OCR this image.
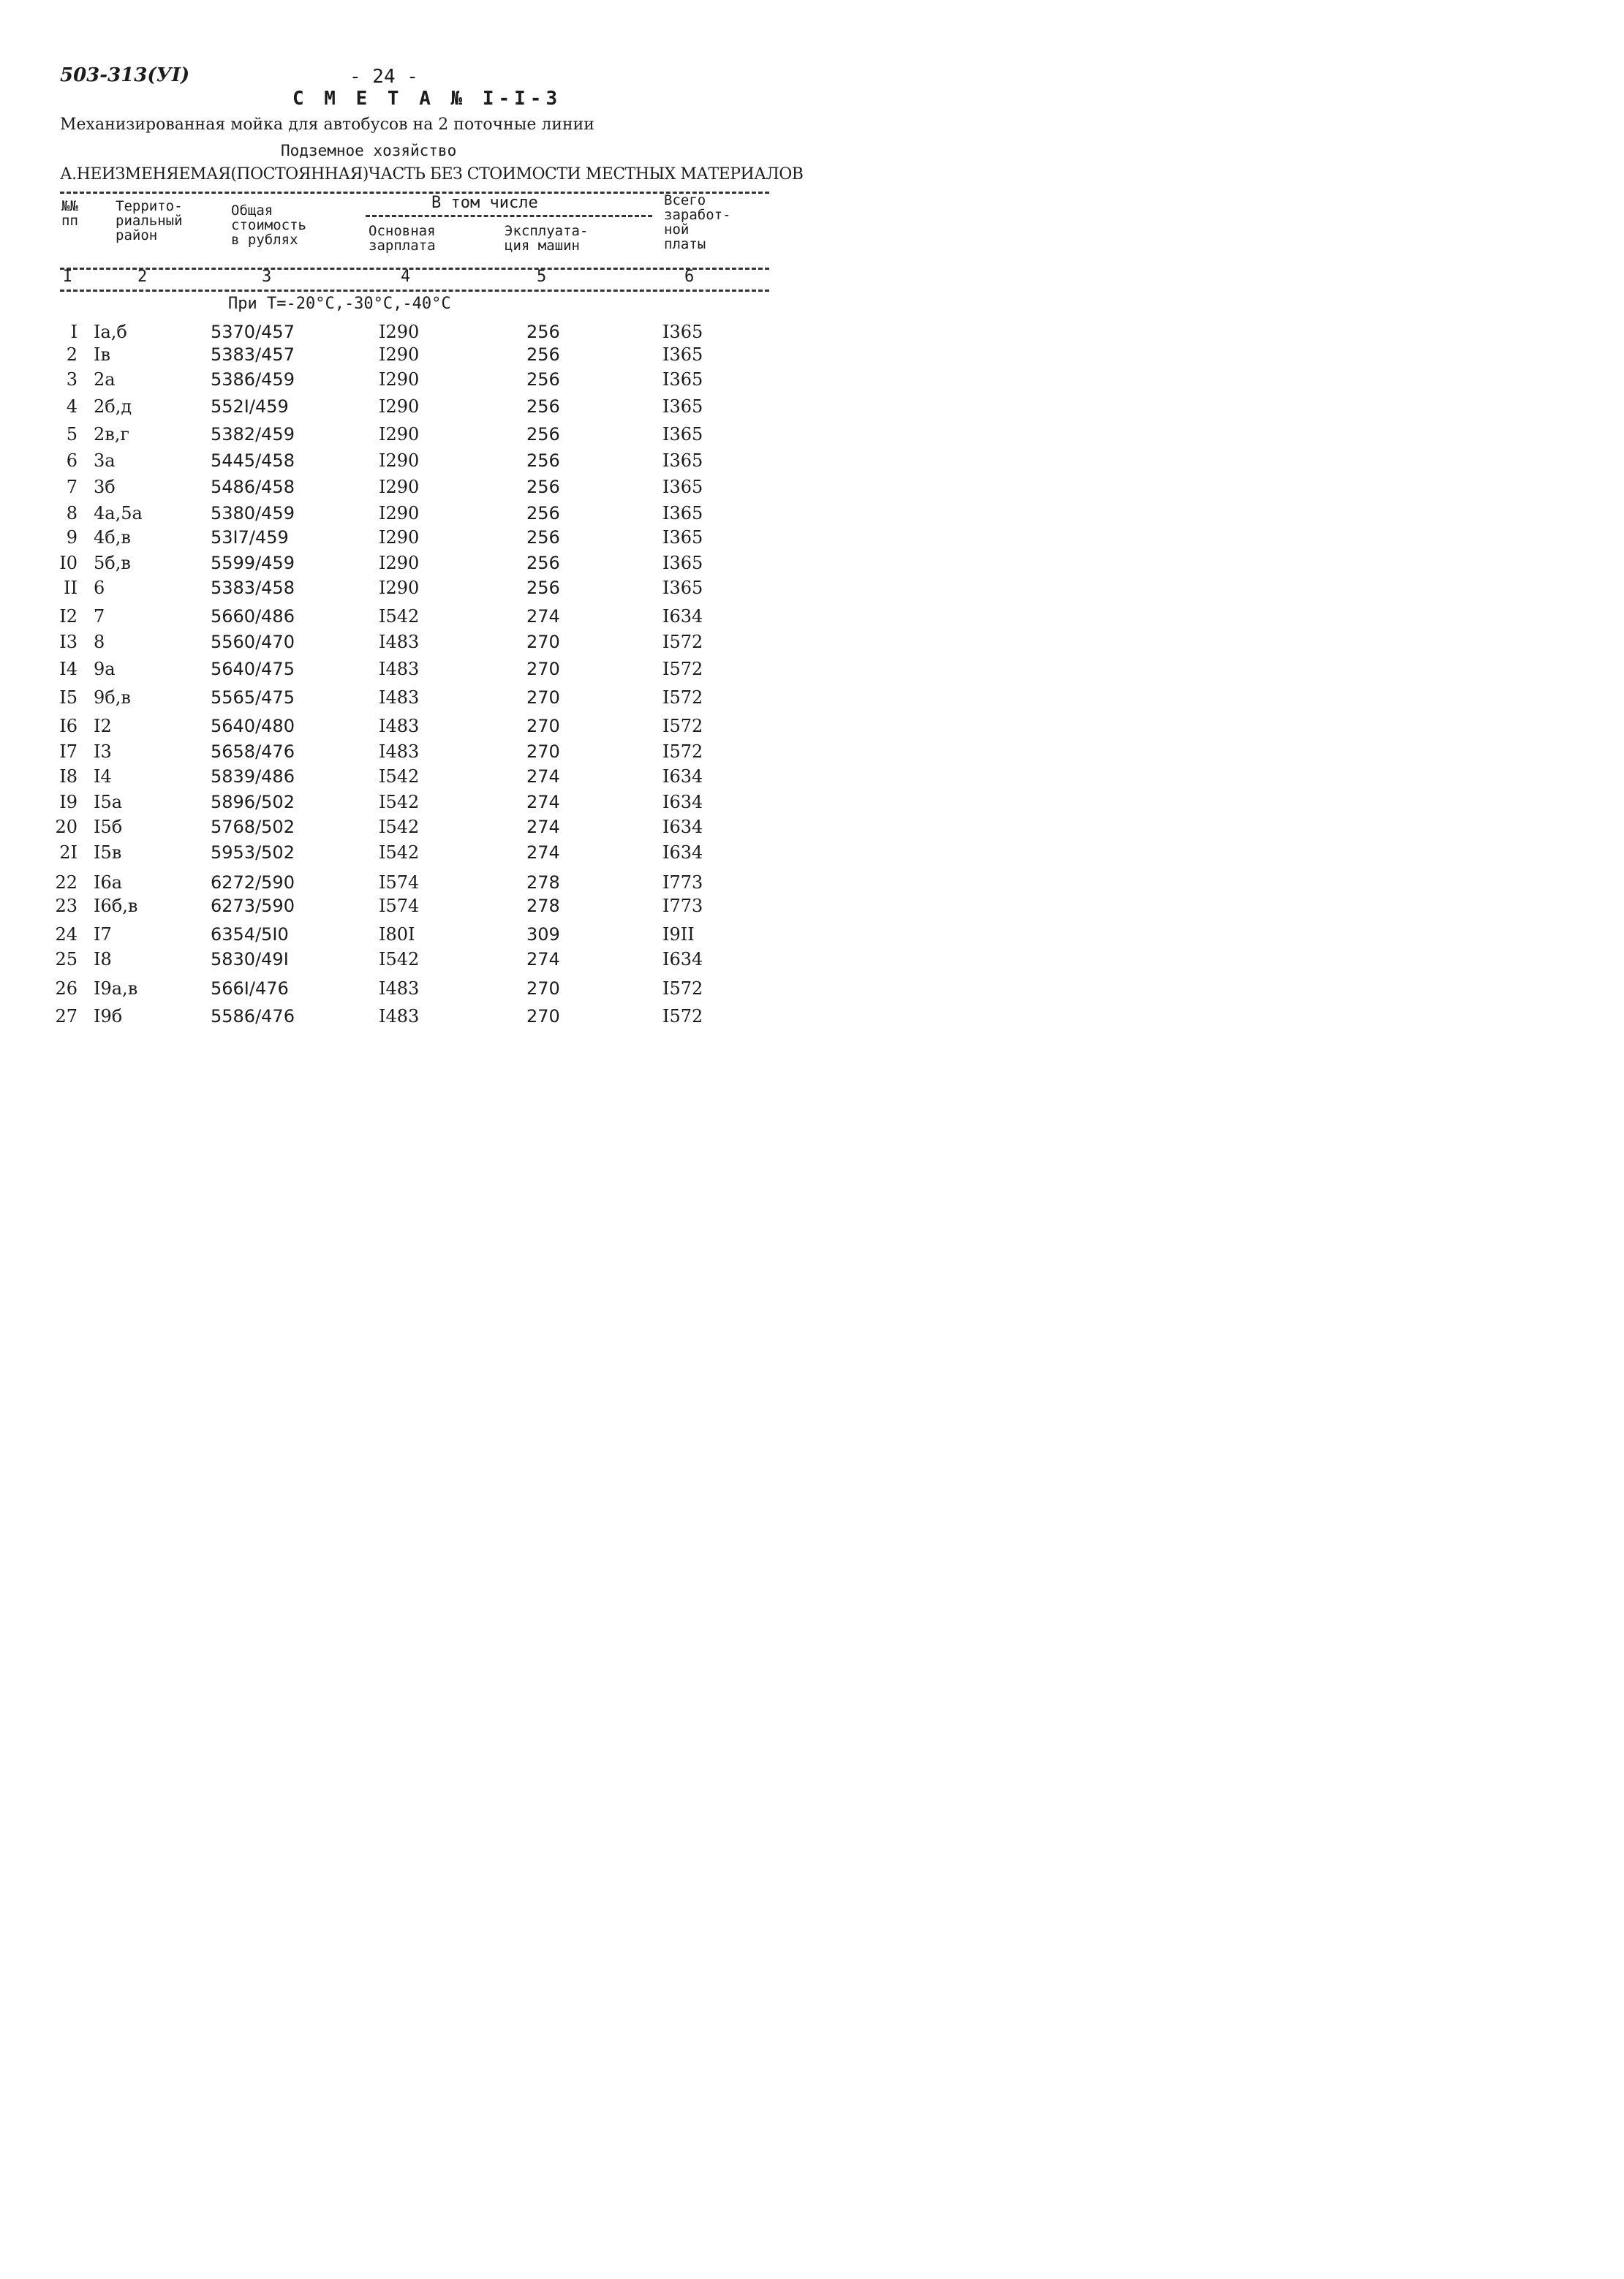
503-313(УI)	- 24 -
С М Е Т А № I-I-3
Механизированная мойка для автобусов на 2 поточные линии
Подземное хозяйство
А.НЕИЗМЕНЯЕМАЯ(ПОСТОЯННАЯ)ЧАСТЬ БЕЗ СТОИМОСТИ МЕСТНЫХ МАТЕРИАЛОВ
№№
пп
Террито-
риальный
район
Общая
стоимость
в рублях
В том числе
Основная
зарплата
Эксплуата-
ция машин
Всего
заработ-
ной
платы
I	2	3	4	5	6
При Т=-20°С,-30°С,-40°С
I Iа,б	5370/457	I290	256	I365
2 Iв	5383/457	I290	256	I365
3 2а	5386/459	I290	256	I365
4 2б,д	552I/459	I290	256	I365
5 2в,г	5382/459	I290	256	I365
6 3а	5445/458	I290	256	I365
7 3б	5486/458	I290	256	I365
8 4а,5а	5380/459	I290	256	I365
9 4б,в	53I7/459	I290	256	I365
I0 5б,в	5599/459	I290	256	I365
II 6	5383/458	I290	256	I365
I2 7	5660/486	I542	274	I634
I3 8	5560/470	I483	270	I572
I4 9а	5640/475	I483	270	I572
I5 9б,в	5565/475	I483	270	I572
I6 I2	5640/480	I483	270	I572
I7 I3	5658/476	I483	270	I572
I8 I4	5839/486	I542	274	I634
I9 I5а	5896/502	I542	274	I634
20 I5б	5768/502	I542	274	I634
2I I5в	5953/502	I542	274	I634
22 I6а	6272/590	I574	278	I773
23 I6б,в	6273/590	I574	278	I773
24 I7	6354/5I0	I80I	309	I9II
25 I8	5830/49I	I542	274	I634
26 I9а,в	566I/476	I483	270	I572
27 I9б	5586/476	I483	270	I572
